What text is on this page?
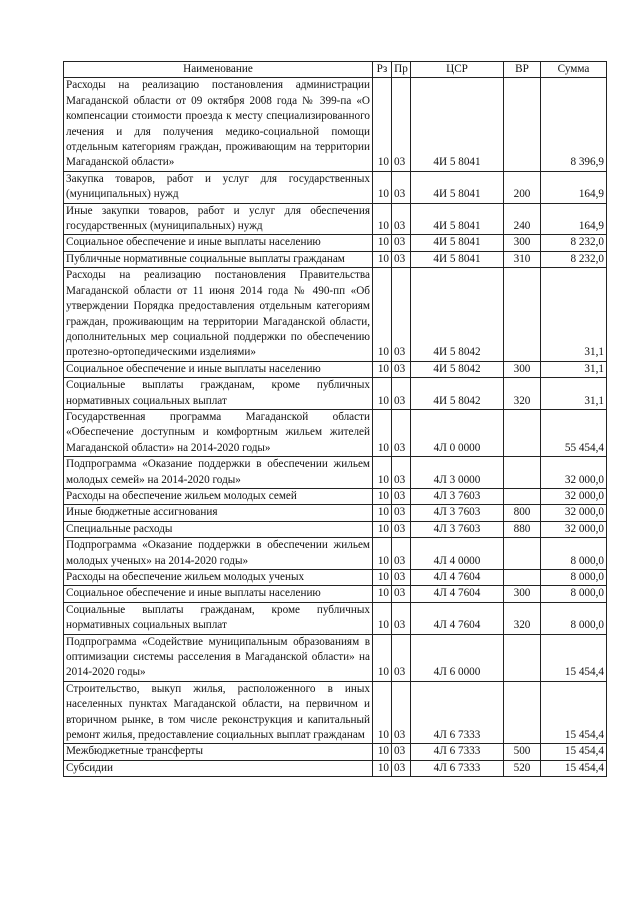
Наименование	Рз	Пр	ЦСР	ВР	Сумма
Расходы на реализацию постановления администрации Магаданской области от 09 октября 2008 года № 399-па «О компенсации стоимости проезда к месту специализированного лечения и для получения медико-социальной помощи отдельным категориям граждан, проживающим на территории Магаданской области»	10	03	4И 5 8041		8 396,9
Закупка товаров, работ и услуг для государственных (муниципальных) нужд	10	03	4И 5 8041	200	164,9
Иные закупки товаров, работ и услуг для обеспечения государственных (муниципальных) нужд	10	03	4И 5 8041	240	164,9
Социальное обеспечение и иные выплаты населению	10	03	4И 5 8041	300	8 232,0
Публичные нормативные социальные выплаты гражданам	10	03	4И 5 8041	310	8 232,0
Расходы на реализацию постановления Правительства Магаданской области от 11 июня 2014 года № 490-пп «Об утверждении Порядка предоставления отдельным категориям граждан, проживающим на территории Магаданской области, дополнительных мер социальной поддержки по обеспечению протезно-ортопедическими изделиями»	10	03	4И 5 8042		31,1
Социальное обеспечение и иные выплаты населению	10	03	4И 5 8042	300	31,1
Социальные выплаты гражданам, кроме публичных нормативных социальных выплат	10	03	4И 5 8042	320	31,1
Государственная программа Магаданской области «Обеспечение доступным и комфортным жильем жителей Магаданской области» на 2014-2020 годы»	10	03	4Л 0 0000		55 454,4
Подпрограмма «Оказание поддержки в обеспечении жильем молодых семей» на 2014-2020 годы»	10	03	4Л 3 0000		32 000,0
Расходы на обеспечение жильем молодых семей	10	03	4Л 3 7603		32 000,0
Иные бюджетные ассигнования	10	03	4Л 3 7603	800	32 000,0
Специальные расходы	10	03	4Л 3 7603	880	32 000,0
Подпрограмма «Оказание поддержки в обеспечении жильем молодых ученых» на 2014-2020 годы»	10	03	4Л 4 0000		8 000,0
Расходы на обеспечение жильем молодых ученых	10	03	4Л 4 7604		8 000,0
Социальное обеспечение и иные выплаты населению	10	03	4Л 4 7604	300	8 000,0
Социальные выплаты гражданам, кроме публичных нормативных социальных выплат	10	03	4Л 4 7604	320	8 000,0
Подпрограмма «Содействие муниципальным образованиям в оптимизации системы расселения в Магаданской области» на 2014-2020 годы»	10	03	4Л 6 0000		15 454,4
Строительство, выкуп жилья, расположенного в иных населенных пунктах Магаданской области, на первичном и вторичном рынке, в том числе реконструкция и капитальный ремонт жилья, предоставление социальных выплат гражданам	10	03	4Л 6 7333		15 454,4
Межбюджетные трансферты	10	03	4Л 6 7333	500	15 454,4
Субсидии	10	03	4Л 6 7333	520	15 454,4
